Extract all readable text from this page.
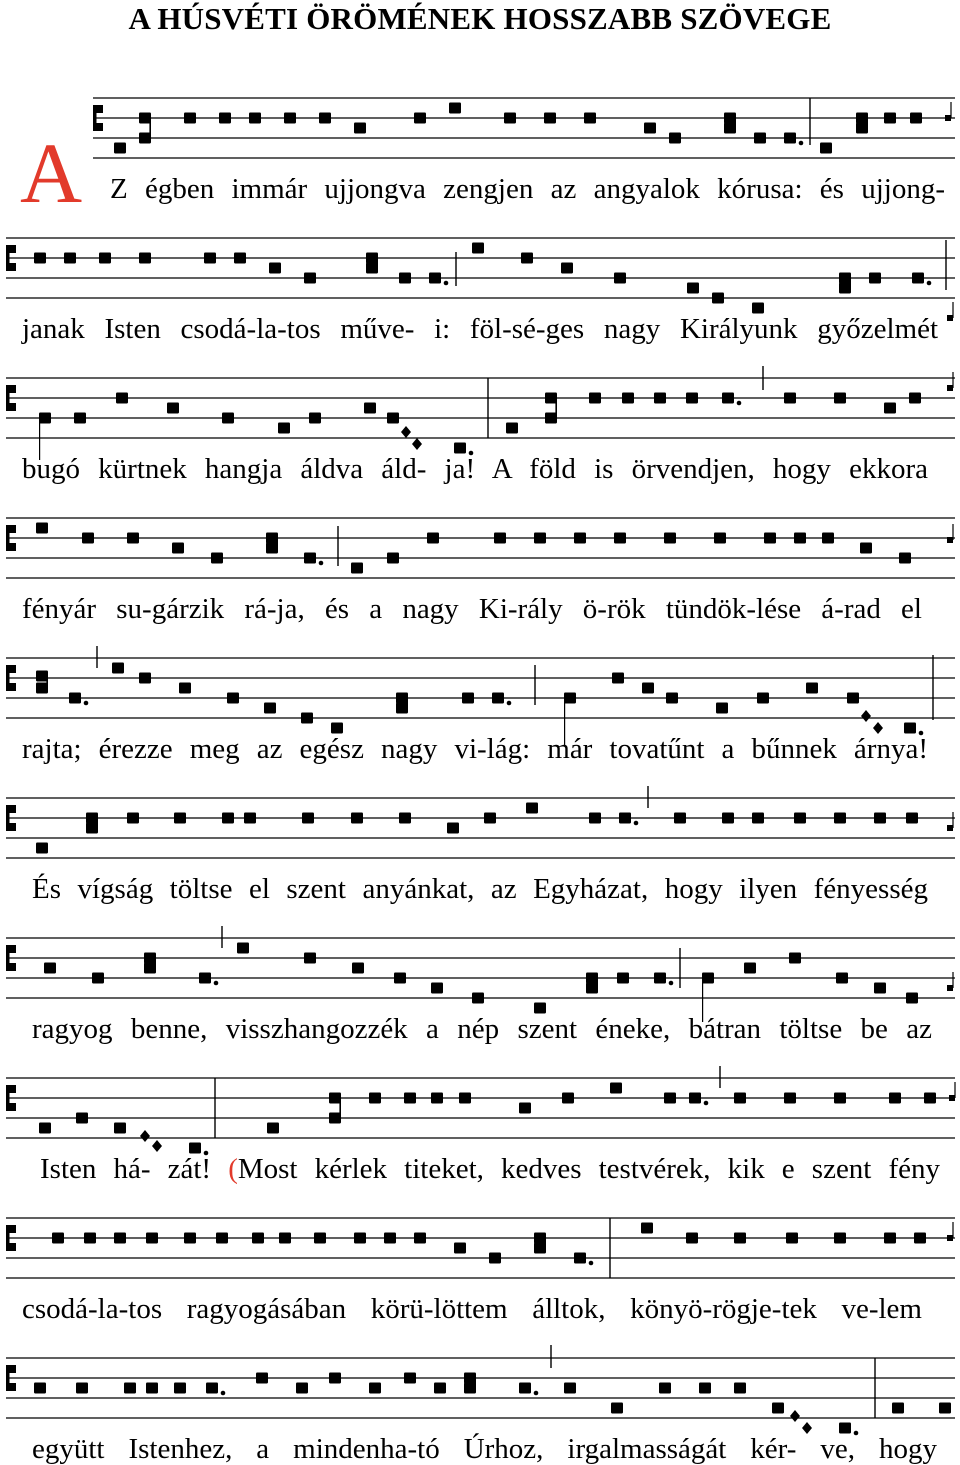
A HÚSVÉTI ÖRÖMÉNEK HOSSZABB SZÖVEGE
A Z égben immár ujjongva zengjen az angyalok kórusa: és ujjong-
janak Isten csodá-la-tos műve- i: föl-sé-ges nagy Királyunk győzelmét
bugó kürtnek hangja áldva áld- ja! A föld is örvendjen, hogy ekkora
fényár su-gárzik rá-ja, és a nagy Ki-rály ö-rök tündök-lése á-rad el
rajta; érezze meg az egész nagy vi-lág: már tovatűnt a bűnnek árnya!
És vígság töltse el szent anyánkat, az Egyházat, hogy ilyen fényesség
ragyog benne, visszhangozzék a nép szent éneke, bátran töltse be az
Isten há- zát! (Most kérlek titeket, kedves testvérek, kik e szent fény
csodá-la-tos ragyogásában körü-löttem álltok, könyö-rögje-tek ve-lem
együtt Istenhez, a mindenha-tó Úrhoz, irgalmasságát kér- ve, hogy
